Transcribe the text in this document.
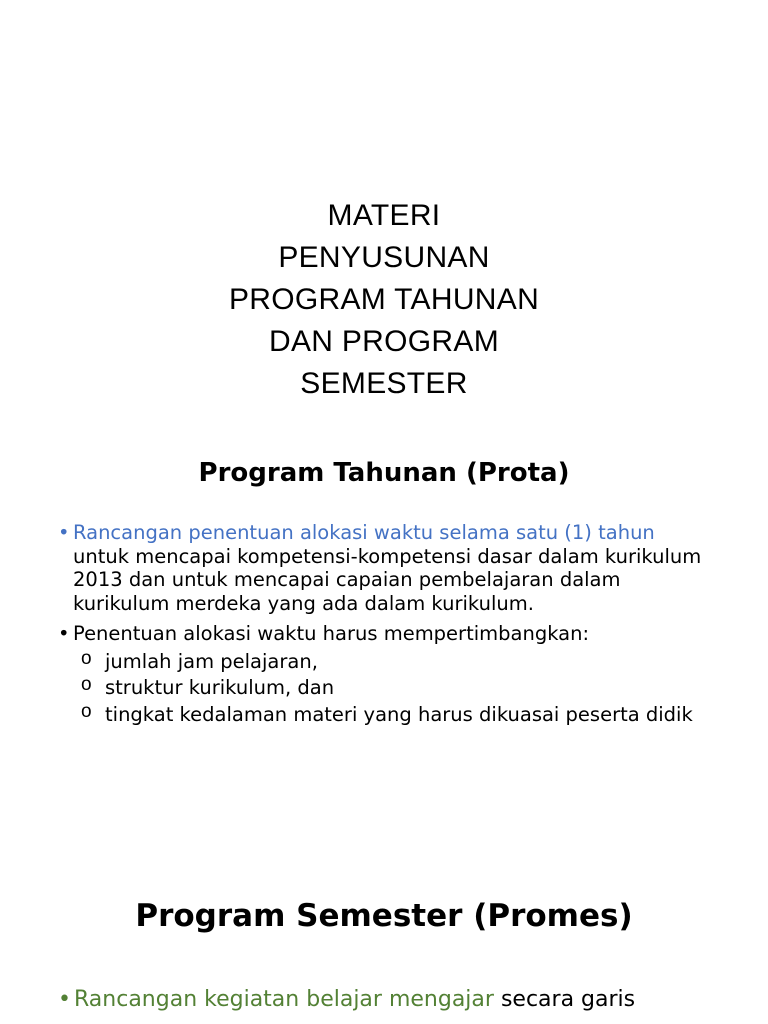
MATERI
PENYUSUNAN
PROGRAM TAHUNAN
DAN PROGRAM
SEMESTER
Program Tahunan (Prota)
• Rancangan penentuan alokasi waktu selama satu (1) tahun untuk mencapai kompetensi-kompetensi dasar dalam kurikulum 2013 dan untuk mencapai capaian pembelajaran dalam kurikulum merdeka yang ada dalam kurikulum.
• Penentuan alokasi waktu harus mempertimbangkan:
o jumlah jam pelajaran,
o struktur kurikulum, dan
o tingkat kedalaman materi yang harus dikuasai peserta didik
Program Semester (Promes)
• Rancangan kegiatan belajar mengajar secara garis
